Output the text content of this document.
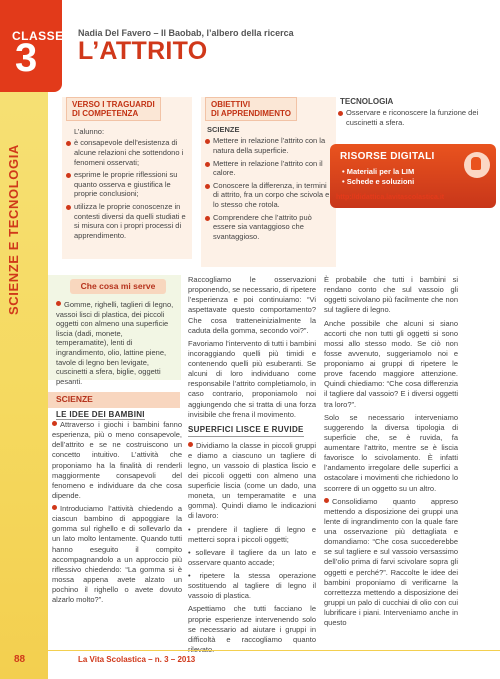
CLASSE
3
SCIENZE E TECNOLOGIA
Nadia Del Favero – Il Baobab, l’albero della ricerca
L’ATTRITO
VERSO I TRAGUARDI
DI COMPETENZA
L’alunno:
è consapevole dell’esistenza di alcune relazioni che sottendono i fenomeni osservati;
esprime le proprie riflessioni su quanto osserva e giustifica le proprie conclusioni;
utilizza le proprie conoscenze in contesti diversi da quelli studiati e si misura con i propri processi di apprendimento.
OBIETTIVI
DI APPRENDIMENTO
SCIENZE
Mettere in relazione l’attrito con la natura della superficie.
Mettere in relazione l’attrito con il calore.
Conoscere la differenza, in termini di attrito, fra un corpo che scivola e lo stesso che rotola.
Comprendere che l’attrito può essere sia vantaggioso che svantaggioso.
TECNOLOGIA
Osservare e riconoscere la funzione dei cuscinetti a sfera.
RISORSE DIGITALI
• Materiali per la LIM
• Schede e soluzioni
http://didattica.lavitascolastica.it
Che cosa mi serve
Gomme, righelli, taglieri di legno, vassoi lisci di plastica, dei piccoli oggetti con almeno una superficie liscia (dadi, monete, temperamatite), lenti di ingrandimento, olio, lattine piene, tavole di legno ben levigate, cuscinetti a sfera, biglie, oggetti pesanti.
SCIENZE
LE IDEE DEI BAMBINI

Attraverso i giochi i bambini fanno esperienza, più o meno consapevole, dell’attrito e se ne costruiscono un concetto intuitivo. L’attività che proponiamo ha la finalità di renderli maggiormente consapevoli del fenomeno e individuare da che cosa dipende.

Introduciamo l’attività chiedendo a ciascun bambino di appoggiare la gomma sul righello e di sollevarlo da un lato molto lentamente. Quando tutti hanno eseguito il compito accompagnandolo a un approccio più riflessivo chiedendo: “La gomma si è mossa appena avete alzato un pochino il righello o avete dovuto alzarlo molto?”.

Raccogliamo le osservazioni proponendo, se necessario, di ripetere l’esperienza e poi continuiamo: “Vi aspettavate questo comportamento? Che cosa tratteneinizialmente la caduta della gomma, secondo voi?”.

Favoriamo l’intervento di tutti i bambini incoraggiando quelli più timidi e contenendo quelli più esuberanti. Se alcuni di loro individuano come responsabile l’attrito completiamolo, in caso contrario, proponiamolo noi aggiungendo che si tratta di una forza invisibile che frena il movimento.

SUPERFICI LISCE E RUVIDE

Dividiamo la classe in piccoli gruppi e diamo a ciascuno un tagliere di legno, un vassoio di plastica liscio e dei piccoli oggetti con almeno una superficie liscia (come un dado, una moneta, un temperamatite e una gomma). Quindi diamo le indicazioni di lavoro:

• prendere il tagliere di legno e metterci sopra i piccoli oggetti;

• sollevare il tagliere da un lato e osservare quanto accade;

• ripetere la stessa operazione sostituendo al tagliere di legno il vassoio di plastica.

Aspettiamo che tutti facciano le proprie esperienze intervenendo solo se necessario ad aiutare i gruppi in difficoltà e raccogliamo quanto

È probabile che tutti i bambini si rendano conto che sul vassoio gli oggetti scivolano più facilmente che non sul tagliere di legno.

Anche possibile che alcuni si siano accorti che non tutti gli oggetti si sono mossi allo stesso modo. Se ciò non fosse avvenuto, suggeriamolo noi e proponiamo ai gruppi di ripetere le prove facendo maggiore attenzione. Quindi chiediamo: “Che cosa differenzia il tagliere dal vassoio? E i diversi oggetti tra loro?”.

Solo se necessario interveniamo suggerendo la diversa tipologia di superficie che, se è ruvida, fa aumentare l’attrito, mentre se è liscia favorisce lo scivolamento. È infatti l’andamento irregolare delle superfici a ostacolare i movimenti che richiedono lo scorrere di un oggetto su un altro.

Consolidiamo quanto appreso mettendo a disposizione dei gruppi una lente di ingrandimento con la quale fare una osservazione più dettagliata e domandiamo: “Che cosa succederebbe se sul tagliere e sul vassoio versassimo dell’olio prima di farvi scivolare sopra gli oggetti e perché?”. Raccolte le idee dei bambini proponiamo di verificarne la correttezza mettendo a disposizione dei gruppi un palo di cucchiai di olio con cui lubrificare i piani. Interveniamo anche in questo

88	La Vita Scolastica – n. 3 – 2013
